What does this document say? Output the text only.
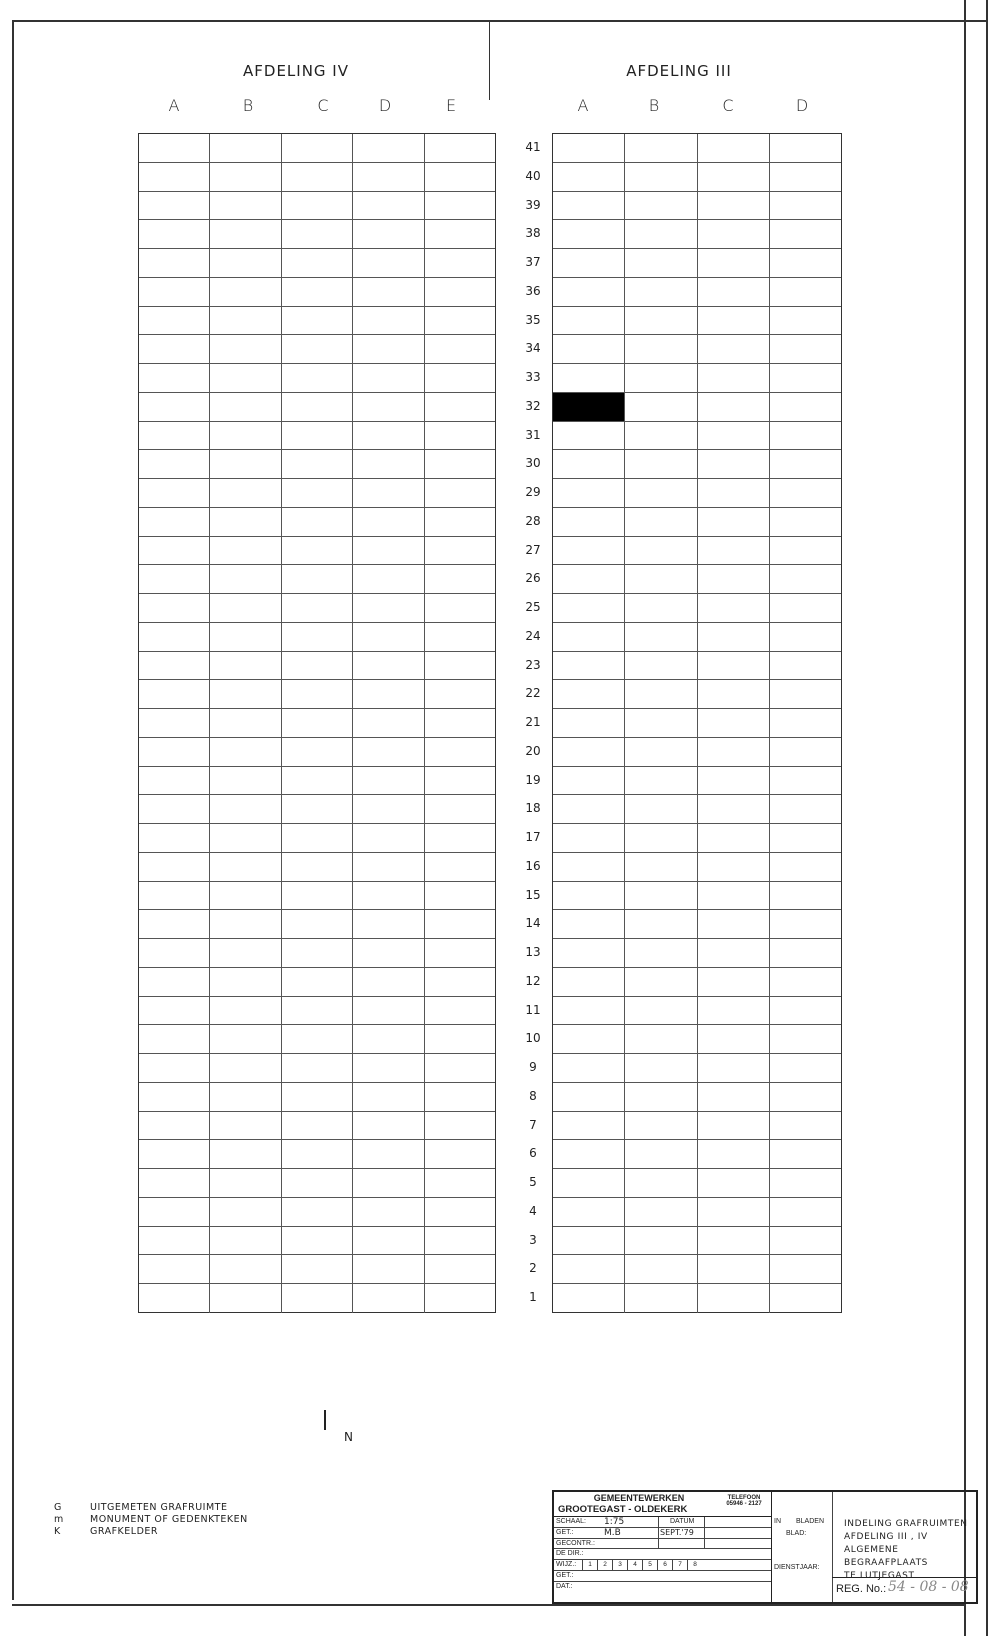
AFDELING IV	AFDELING III
A	B	C	D	E	A	B	C	D
41
40
39
38
37
36
35
34
33
32
31
30
29
28
27
26
25
24
23
22
21
20
19
18
17
16
15
14
13
12
11
10
9
8
7
6
5
4
3
2
1
N
G	UITGEMETEN GRAFRUIMTE
m	MONUMENT OF GEDENKTEKEN
K	GRAFKELDER
GEMEENTEWERKEN
GROOTEGAST - OLDEKERK
TELEFOON
05946 - 2127
SCHAAL: 1:75	DATUM
GET.:	M.B	SEPT.'79
GECONTR.:
DE DIR.:
WIJZ.:	1	2	3	4	5	6	7	8
GET.:
DAT.:
IN BLADEN
BLAD:
DIENSTJAAR:
INDELING GRAFRUIMTEN
AFDELING III , IV
ALGEMENE BEGRAAFPLAATS
TE LUTJEGAST
REG. No.: 54 - 08 - 08
